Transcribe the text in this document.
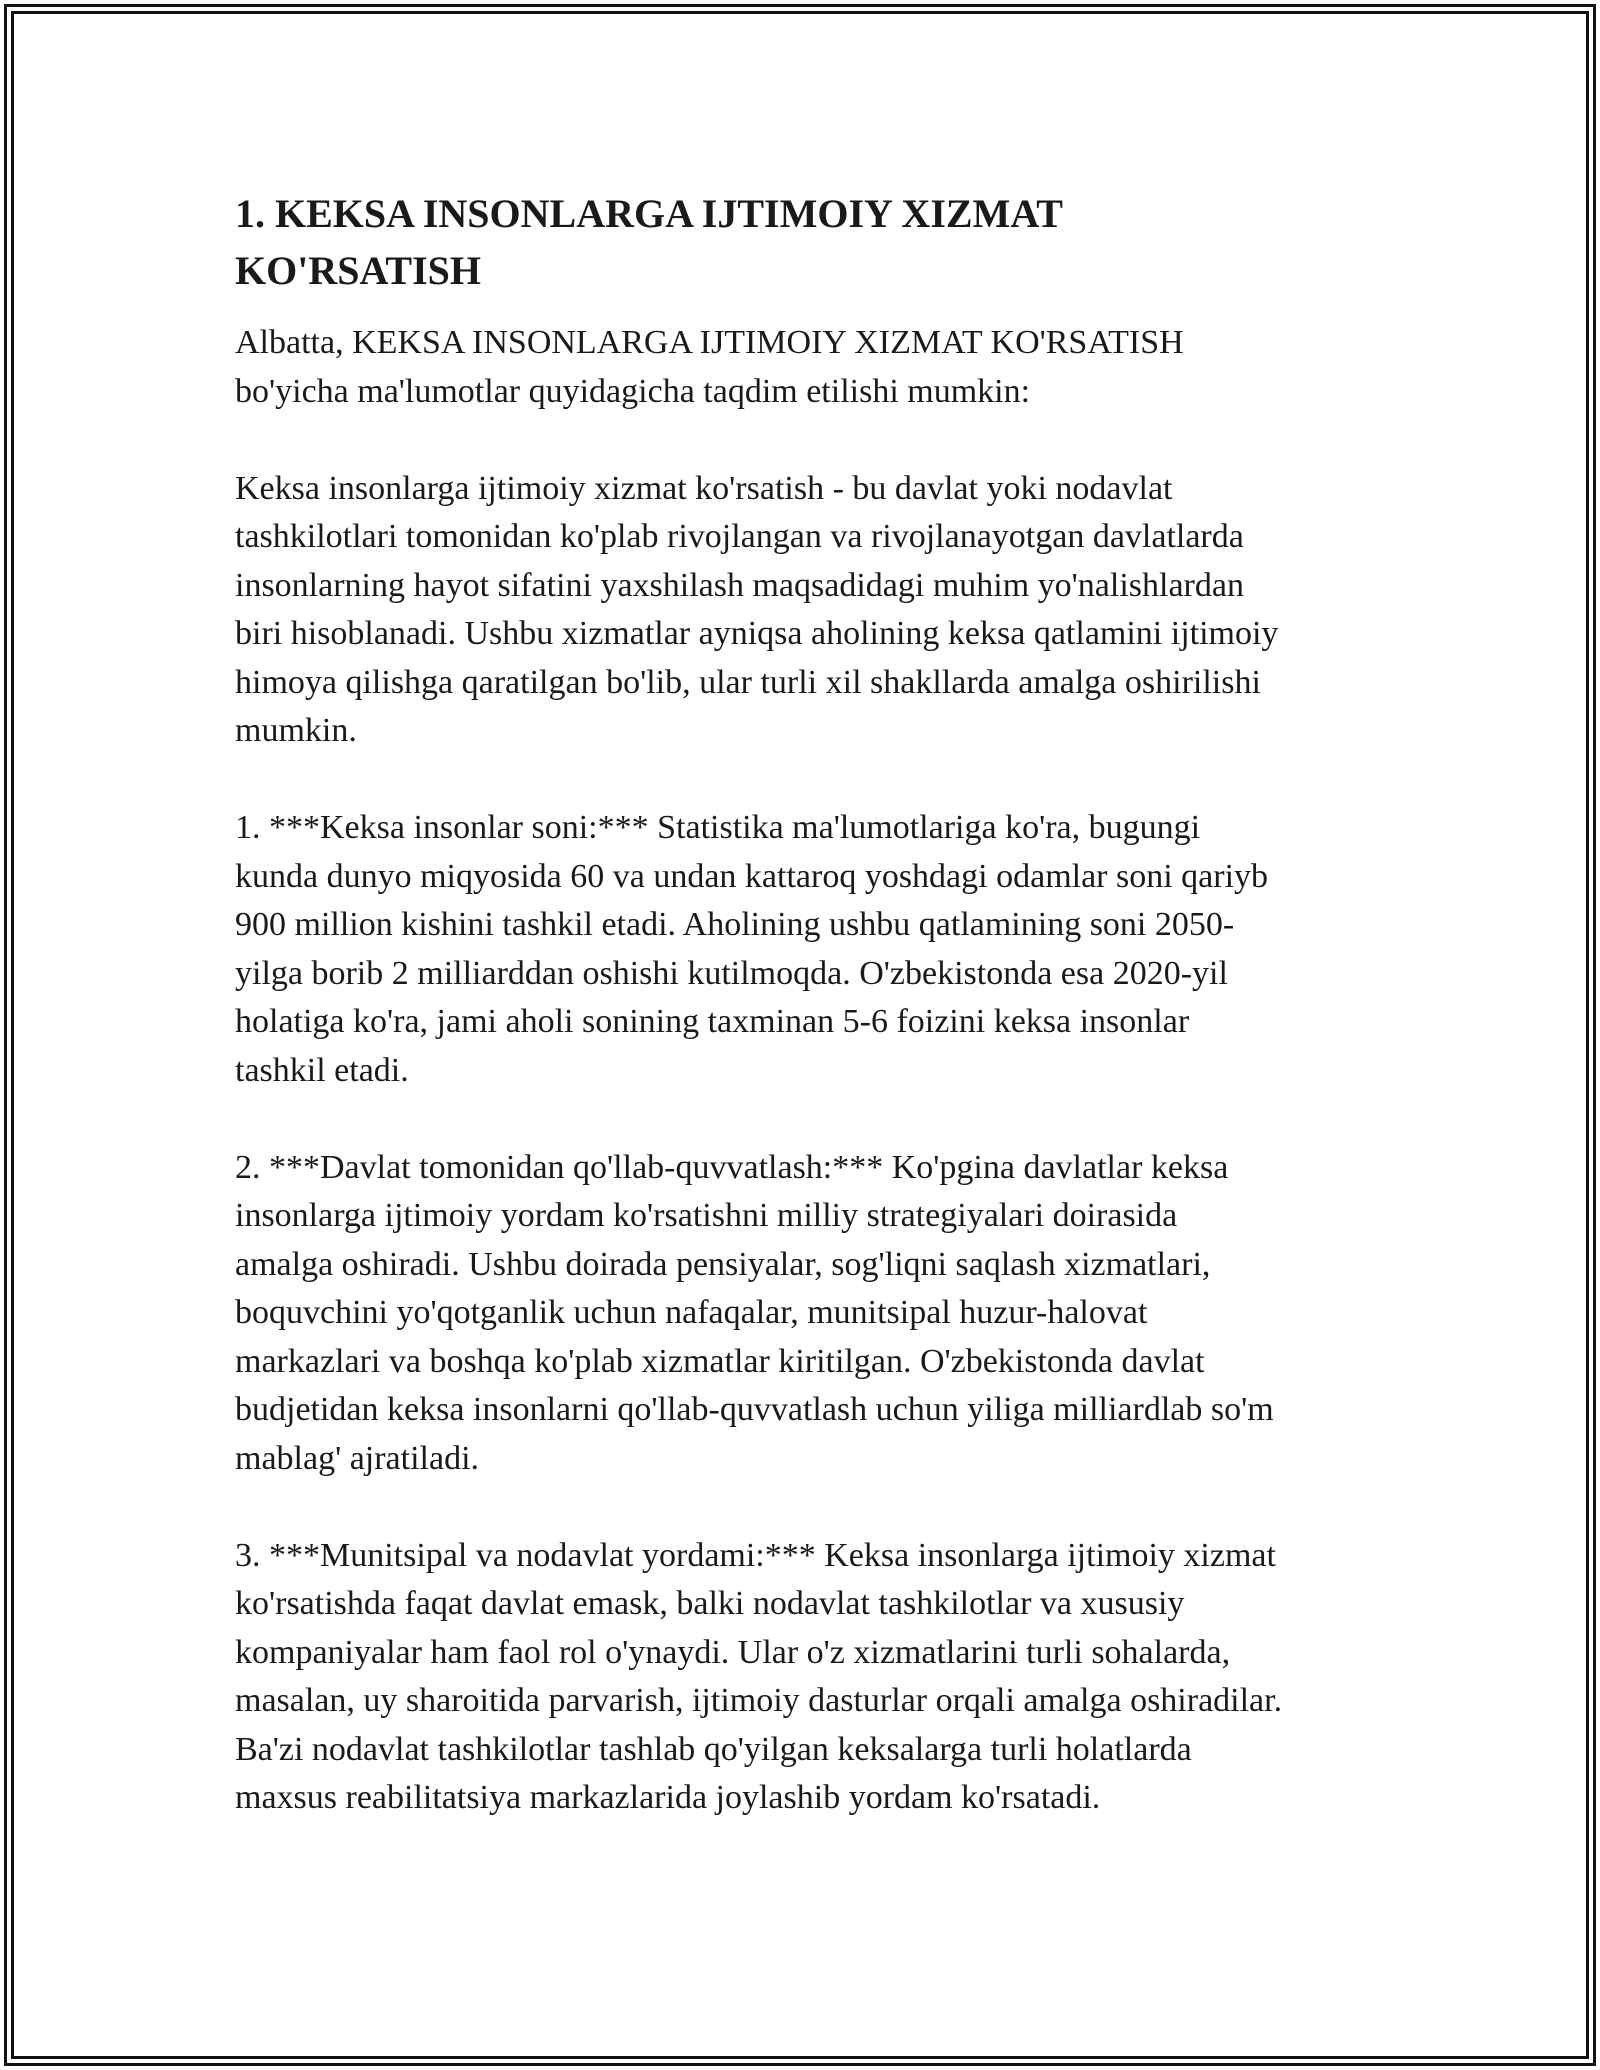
1. KEKSA INSONLARGA IJTIMOIY XIZMAT KO'RSATISH

Albatta, KEKSA INSONLARGA IJTIMOIY XIZMAT KO'RSATISH
bo'yicha ma'lumotlar quyidagicha taqdim etilishi mumkin:

Keksa insonlarga ijtimoiy xizmat ko'rsatish - bu davlat yoki nodavlat
tashkilotlari tomonidan ko'plab rivojlangan va rivojlanayotgan davlatlarda
insonlarning hayot sifatini yaxshilash maqsadidagi muhim yo'nalishlardan
biri hisoblanadi. Ushbu xizmatlar ayniqsa aholining keksa qatlamini ijtimoiy
himoya qilishga qaratilgan bo'lib, ular turli xil shakllarda amalga oshirilishi
mumkin.

1. ***Keksa insonlar soni:*** Statistika ma'lumotlariga ko'ra, bugungi
kunda dunyo miqyosida 60 va undan kattaroq yoshdagi odamlar soni qariyb
900 million kishini tashkil etadi. Aholining ushbu qatlamining soni 2050-
yilga borib 2 milliarddan oshishi kutilmoqda. O'zbekistonda esa 2020-yil
holatiga ko'ra, jami aholi sonining taxminan 5-6 foizini keksa insonlar
tashkil etadi.

2. ***Davlat tomonidan qo'llab-quvvatlash:*** Ko'pgina davlatlar keksa
insonlarga ijtimoiy yordam ko'rsatishni milliy strategiyalari doirasida
amalga oshiradi. Ushbu doirada pensiyalar, sog'liqni saqlash xizmatlari,
boquvchini yo'qotganlik uchun nafaqalar, munitsipal huzur-halovat
markazlari va boshqa ko'plab xizmatlar kiritilgan. O'zbekistonda davlat
budjetidan keksa insonlarni qo'llab-quvvatlash uchun yiliga milliardlab so'm
mablag' ajratiladi.

3. ***Munitsipal va nodavlat yordami:*** Keksa insonlarga ijtimoiy xizmat
ko'rsatishda faqat davlat emask, balki nodavlat tashkilotlar va xususiy
kompaniyalar ham faol rol o'ynaydi. Ular o'z xizmatlarini turli sohalarda,
masalan, uy sharoitida parvarish, ijtimoiy dasturlar orqali amalga oshiradilar.
Ba'zi nodavlat tashkilotlar tashlab qo'yilgan keksalarga turli holatlarda
maxsus reabilitatsiya markazlarida joylashib yordam ko'rsatadi.
